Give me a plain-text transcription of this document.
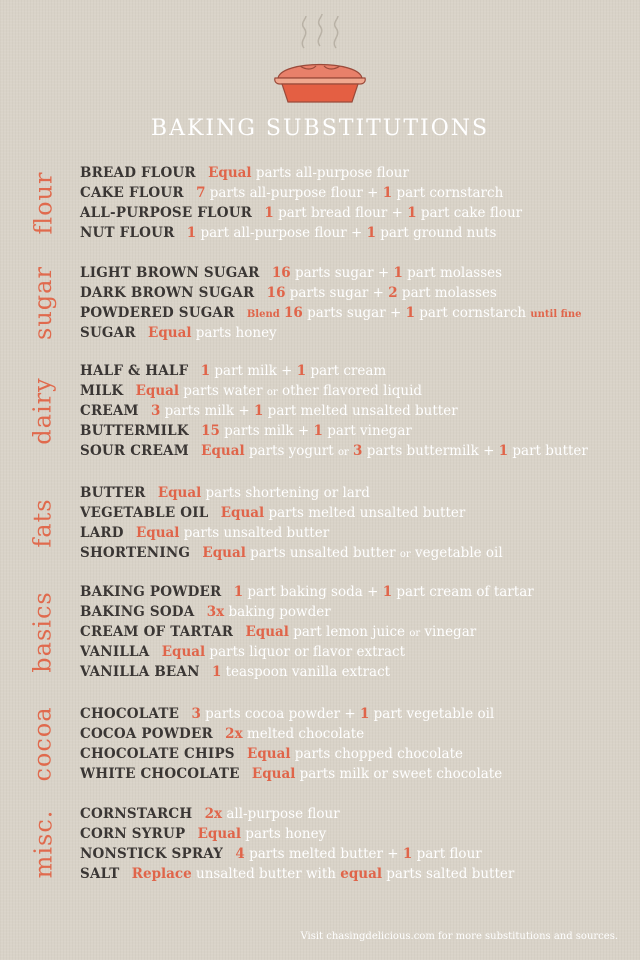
BAKING SUBSTITUTIONS
flour BREAD FLOUR Equal parts all-purpose flour
CAKE FLOUR 7 parts all-purpose flour + 1 part cornstarch
ALL-PURPOSE FLOUR 1 part bread flour + 1 part cake flour
NUT FLOUR 1 part all-purpose flour + 1 part ground nuts
sugar LIGHT BROWN SUGAR 16 parts sugar + 1 part molasses
DARK BROWN SUGAR 16 parts sugar + 2 part molasses
POWDERED SUGAR Blend 16 parts sugar + 1 part cornstarch until fine
SUGAR Equal parts honey
dairy
HALF & HALF 1 part milk + 1 part cream
MILK Equal parts water or other flavored liquid
CREAM 3 parts milk + 1 part melted unsalted butter
BUTTERMILK 15 parts milk + 1 part vinegar
SOUR CREAM Equal parts yogurt or 3 parts buttermilk + 1 part butter
fats
BUTTER Equal parts shortening or lard
VEGETABLE OIL Equal parts melted unsalted butter
LARD Equal parts unsalted butter
SHORTENING Equal parts unsalted butter or vegetable oil
basics BAKING POWDER 1 part baking soda + 1 part cream of tartar
BAKING SODA 3x baking powder
CREAM OF TARTAR Equal part lemon juice or vinegar
VANILLA Equal parts liquor or flavor extract
VANILLA BEAN 1 teaspoon vanilla extract
cocoa CHOCOLATE 3 parts cocoa powder + 1 part vegetable oil
COCOA POWDER 2x melted chocolate
CHOCOLATE CHIPS Equal parts chopped chocolate
WHITE CHOCOLATE Equal parts milk or sweet chocolate
misc. CORNSTARCH 2x all-purpose flour
CORN SYRUP Equal parts honey
NONSTICK SPRAY 4 parts melted butter + 1 part flour
SALT Replace unsalted butter with equal parts salted butter
Visit chasingdelicious.com for more substitutions and sources.
